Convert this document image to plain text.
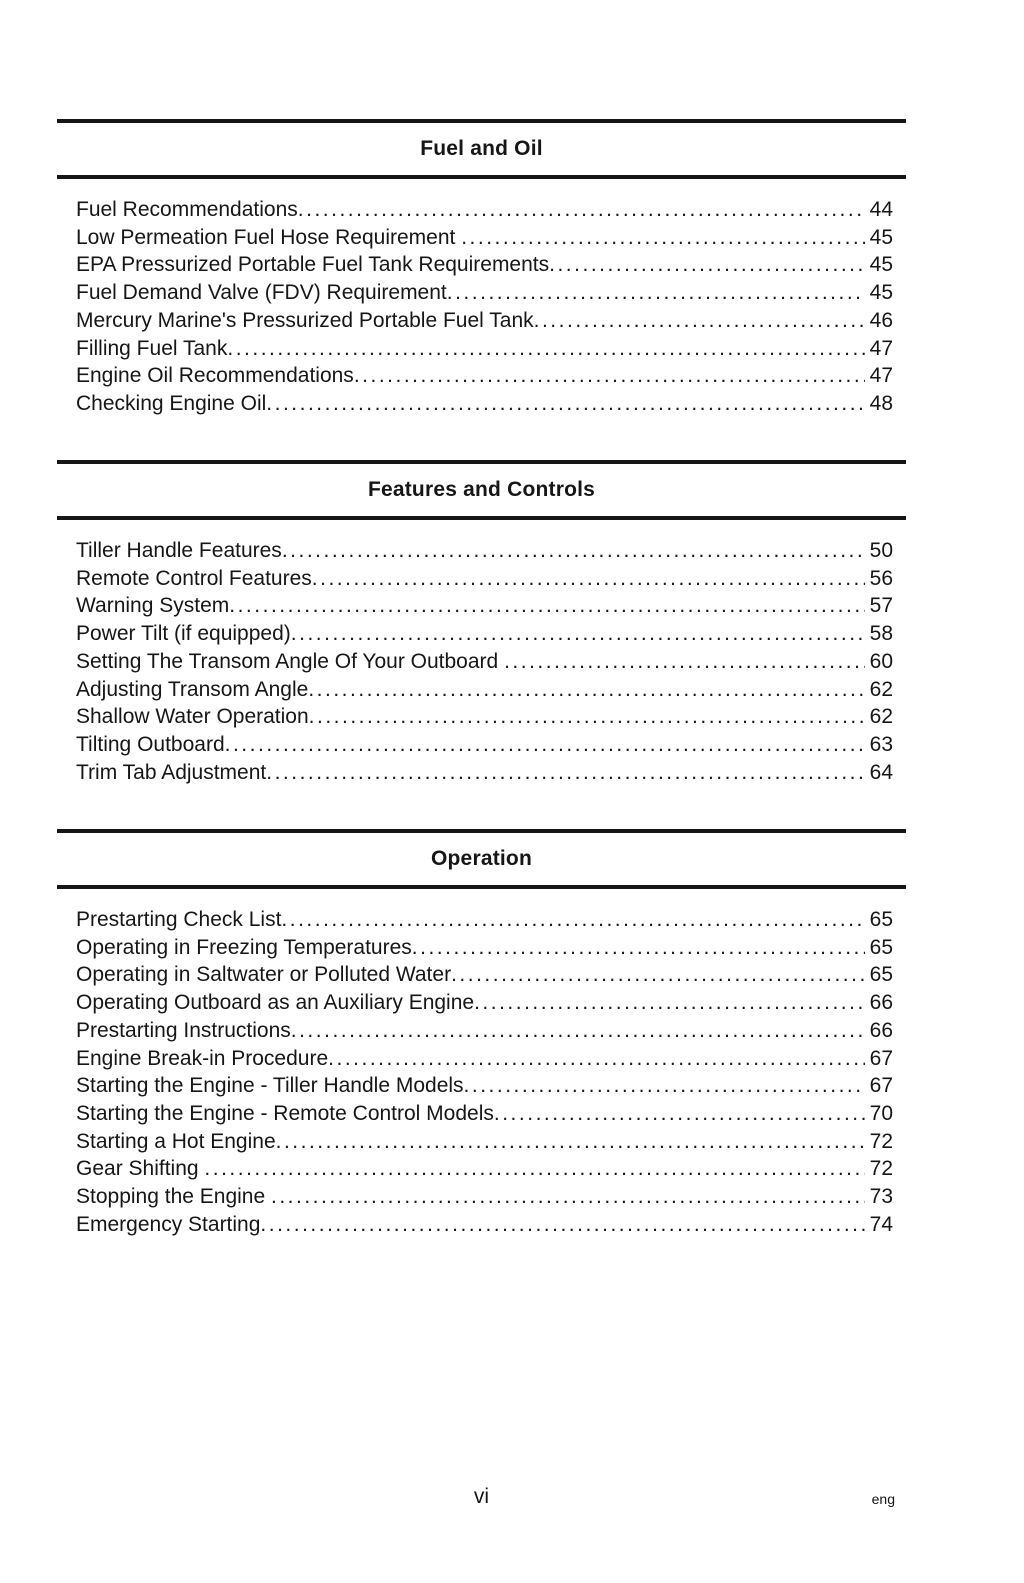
Fuel and Oil
Fuel Recommendations .....	44
Low Permeation Fuel Hose Requirement .....	45
EPA Pressurized Portable Fuel Tank Requirements .....	45
Fuel Demand Valve (FDV) Requirement .....	45
Mercury Marine's Pressurized Portable Fuel Tank .....	46
Filling Fuel Tank .....	47
Engine Oil Recommendations .....	47
Checking Engine Oil .....	48
Features and Controls
Tiller Handle Features .....	50
Remote Control Features .....	56
Warning System .....	57
Power Tilt (if equipped) .....	58
Setting The Transom Angle Of Your Outboard .....	60
Adjusting Transom Angle .....	62
Shallow Water Operation .....	62
Tilting Outboard .....	63
Trim Tab Adjustment .....	64
Operation
Prestarting Check List .....	65
Operating in Freezing Temperatures .....	65
Operating in Saltwater or Polluted Water .....	65
Operating Outboard as an Auxiliary Engine .....	66
Prestarting Instructions .....	66
Engine Break-in Procedure .....	67
Starting the Engine - Tiller Handle Models .....	67
Starting the Engine - Remote Control Models .....	70
Starting a Hot Engine .....	72
Gear Shifting .....	72
Stopping the Engine .....	73
Emergency Starting .....	74
vi	eng
